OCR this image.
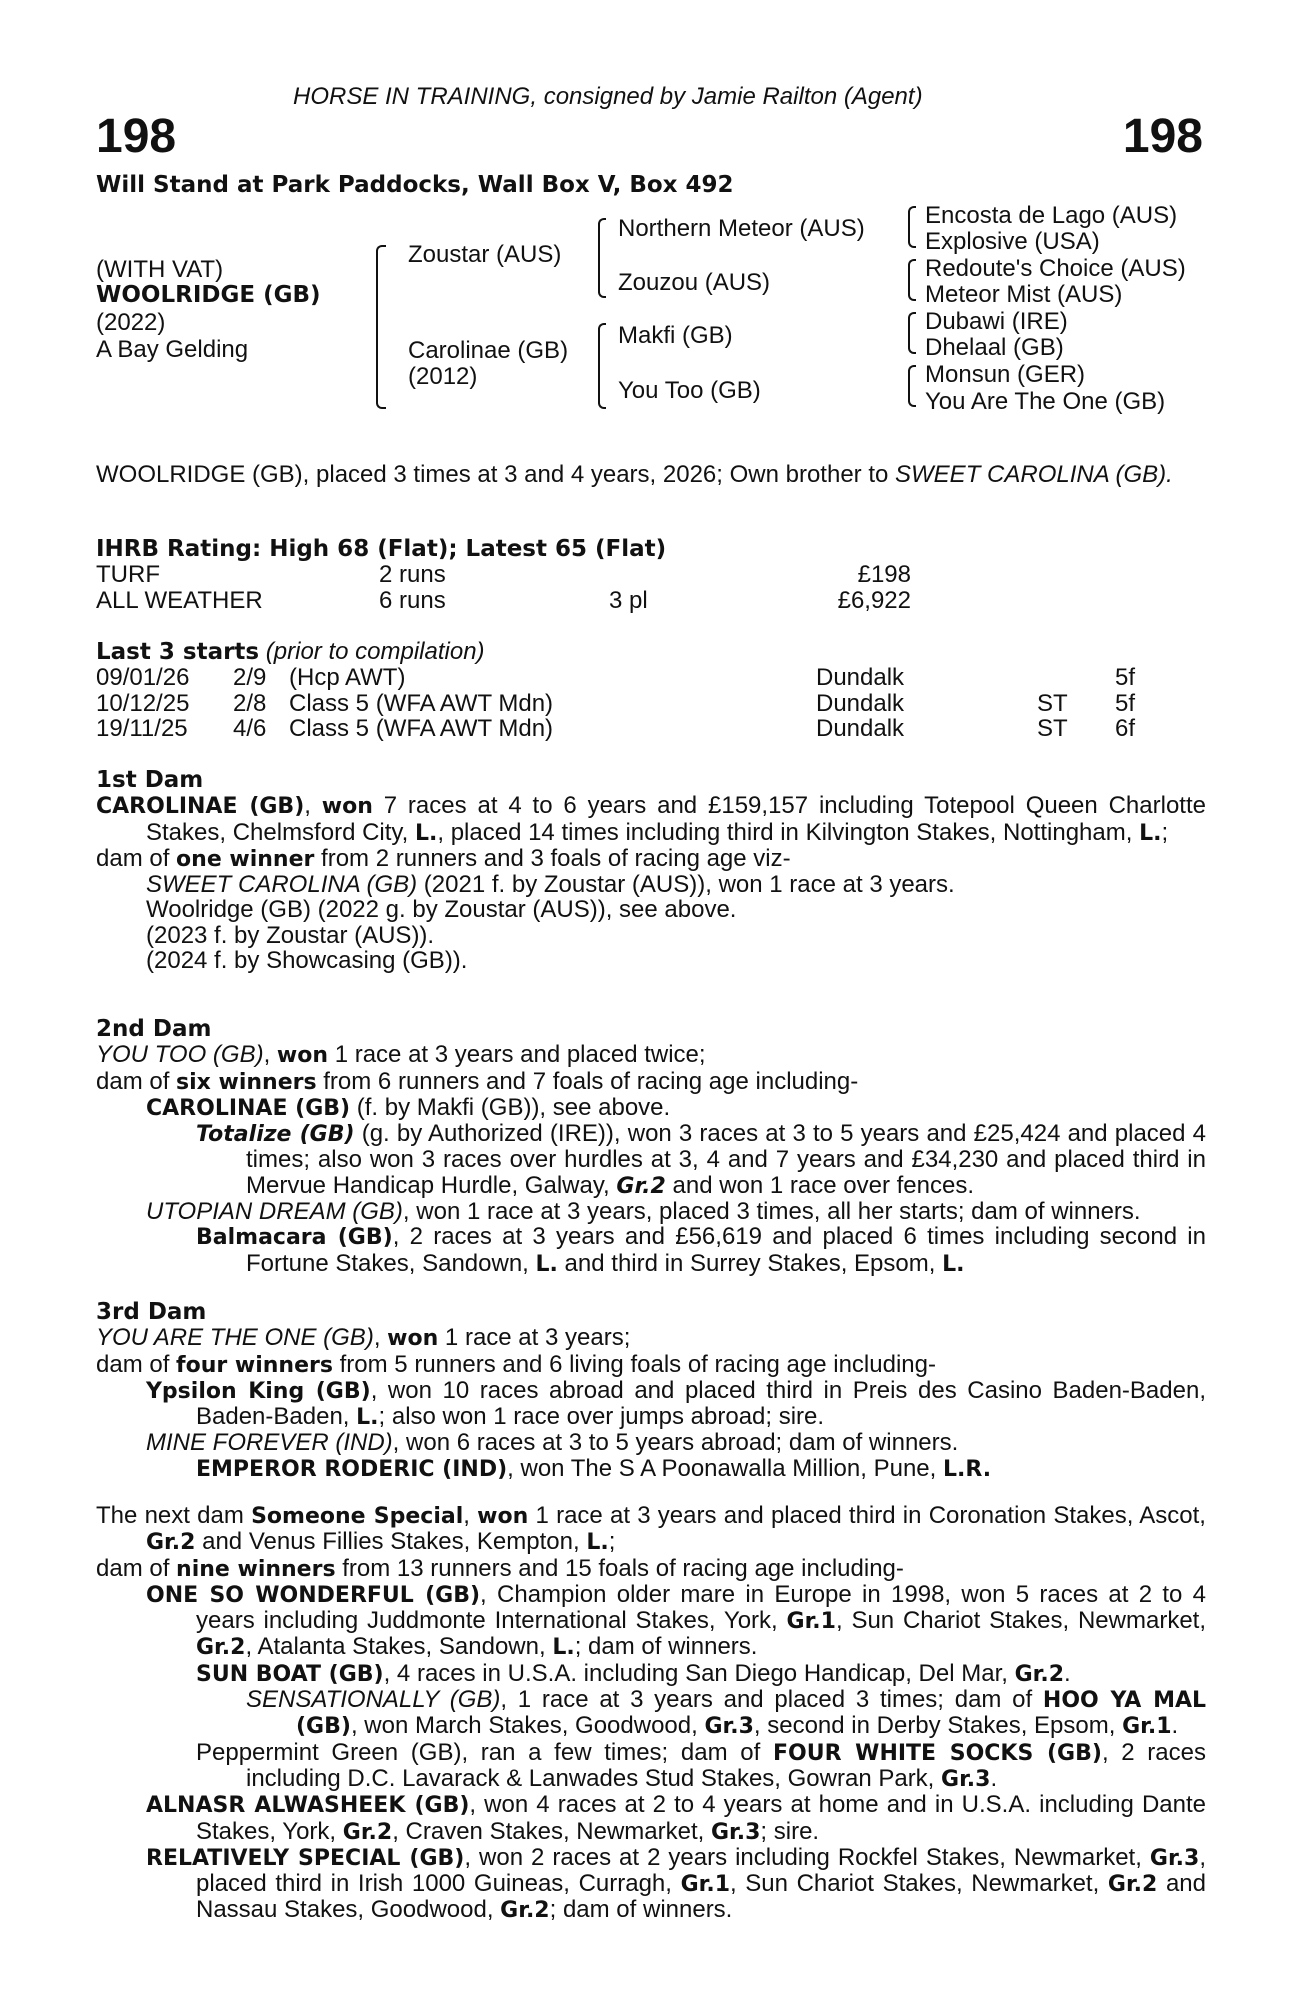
HORSE IN TRAINING, consigned by Jamie Railton (Agent)
198	198
Will Stand at Park Paddocks, Wall Box V, Box 492
(WITH VAT)
WOOLRIDGE (GB)
(2022)
A Bay Gelding
Zoustar (AUS)
Carolinae (GB)
(2012)
Northern Meteor (AUS)
Zouzou (AUS)
Makfi (GB)
You Too (GB)
Encosta de Lago (AUS)
Explosive (USA)
Redoute's Choice (AUS)
Meteor Mist (AUS)
Dubawi (IRE)
Dhelaal (GB)
Monsun (GER)
You Are The One (GB)

WOOLRIDGE (GB), placed 3 times at 3 and 4 years, 2026; Own brother to SWEET CAROLINA (GB).

IHRB Rating: High 68 (Flat); Latest 65 (Flat)

TURF	2 runs	£198
ALL WEATHER	6 runs	3 pl	£6,922

Last 3 starts (prior to compilation)

09/01/26 2/9 (Hcp AWT)	Dundalk	5f
10/12/25 2/8 Class 5 (WFA AWT Mdn)	Dundalk	ST 5f
19/11/25 4/6 Class 5 (WFA AWT Mdn)	Dundalk	ST 6f

1st Dam

CAROLINAE (GB), won 7 races at 4 to 6 years and £159,157 including Totepool Queen Charlotte Stakes, Chelmsford City, L., placed 14 times including third in Kilvington Stakes, Nottingham, L.;

dam of one winner from 2 runners and 3 foals of racing age viz-

SWEET CAROLINA (GB) (2021 f. by Zoustar (AUS)), won 1 race at 3 years.

Woolridge (GB) (2022 g. by Zoustar (AUS)), see above.

(2023 f. by Zoustar (AUS)).

(2024 f. by Showcasing (GB)).

2nd Dam

YOU TOO (GB), won 1 race at 3 years and placed twice;

dam of six winners from 6 runners and 7 foals of racing age including-

CAROLINAE (GB) (f. by Makfi (GB)), see above.

Totalize (GB) (g. by Authorized (IRE)), won 3 races at 3 to 5 years and £25,424 and placed 4 times; also won 3 races over hurdles at 3, 4 and 7 years and £34,230 and placed third in Mervue Handicap Hurdle, Galway, Gr.2 and won 1 race over fences.

UTOPIAN DREAM (GB), won 1 race at 3 years, placed 3 times, all her starts; dam of winners.

Balmacara (GB), 2 races at 3 years and £56,619 and placed 6 times including second in Fortune Stakes, Sandown, L. and third in Surrey Stakes, Epsom, L.

3rd Dam

YOU ARE THE ONE (GB), won 1 race at 3 years;

dam of four winners from 5 runners and 6 living foals of racing age including-

Ypsilon King (GB), won 10 races abroad and placed third in Preis des Casino Baden-Baden, Baden-Baden, L.; also won 1 race over jumps abroad; sire.

MINE FOREVER (IND), won 6 races at 3 to 5 years abroad; dam of winners.

EMPEROR RODERIC (IND), won The S A Poonawalla Million, Pune, L.R.

The next dam Someone Special, won 1 race at 3 years and placed third in Coronation Stakes, Ascot, Gr.2 and Venus Fillies Stakes, Kempton, L.;

dam of nine winners from 13 runners and 15 foals of racing age including-

ONE SO WONDERFUL (GB), Champion older mare in Europe in 1998, won 5 races at 2 to 4 years including Juddmonte International Stakes, York, Gr.1, Sun Chariot Stakes, Newmarket, Gr.2, Atalanta Stakes, Sandown, L.; dam of winners.

SUN BOAT (GB), 4 races in U.S.A. including San Diego Handicap, Del Mar, Gr.2.

SENSATIONALLY (GB), 1 race at 3 years and placed 3 times; dam of HOO YA MAL (GB), won March Stakes, Goodwood, Gr.3, second in Derby Stakes, Epsom, Gr.1.

Peppermint Green (GB), ran a few times; dam of FOUR WHITE SOCKS (GB), 2 races including D.C. Lavarack & Lanwades Stud Stakes, Gowran Park, Gr.3.

ALNASR ALWASHEEK (GB), won 4 races at 2 to 4 years at home and in U.S.A. including Dante Stakes, York, Gr.2, Craven Stakes, Newmarket, Gr.3; sire.

RELATIVELY SPECIAL (GB), won 2 races at 2 years including Rockfel Stakes, Newmarket, Gr.3, placed third in Irish 1000 Guineas, Curragh, Gr.1, Sun Chariot Stakes, Newmarket, Gr.2 and Nassau Stakes, Goodwood, Gr.2; dam of winners.
